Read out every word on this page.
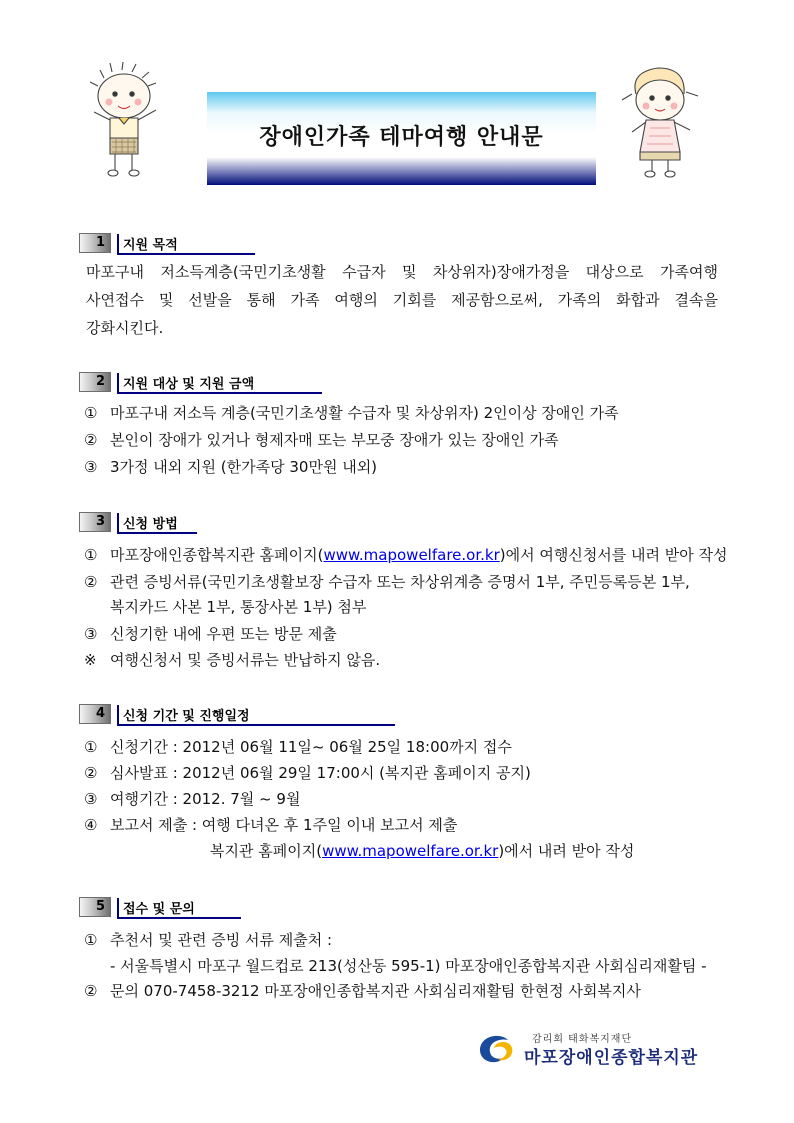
장애인가족 테마여행 안내문
1	지원 목적
마포구내 저소득계층(국민기초생활 수급자 및 차상위자)장애가정을 대상으로 가족여행
사연접수 및 선발을 통해 가족 여행의 기회를 제공함으로써, 가족의 화합과 결속을
강화시킨다.
2	지원 대상 및 지원 금액
① 마포구내 저소득 계층(국민기초생활 수급자 및 차상위자) 2인이상 장애인 가족
② 본인이 장애가 있거나 형제자매 또는 부모중 장애가 있는 장애인 가족
③ 3가정 내외 지원 (한가족당 30만원 내외)
3	신청 방법
① 마포장애인종합복지관 홈페이지(www.mapowelfare.or.kr)에서 여행신청서를 내려 받아 작성
② 관련 증빙서류(국민기초생활보장 수급자 또는 차상위계층 증명서 1부, 주민등록등본 1부,
복지카드 사본 1부, 통장사본 1부) 첨부
③ 신청기한 내에 우편 또는 방문 제출
※ 여행신청서 및 증빙서류는 반납하지 않음.
4	신청 기간 및 진행일정
① 신청기간 : 2012년 06월 11일~ 06월 25일 18:00까지 접수
② 심사발표 : 2012년 06월 29일 17:00시 (복지관 홈페이지 공지)
③ 여행기간 : 2012. 7월 ~ 9월
④ 보고서 제출 : 여행 다녀온 후 1주일 이내 보고서 제출
복지관 홈페이지(www.mapowelfare.or.kr)에서 내려 받아 작성
5	접수 및 문의
① 추천서 및 관련 증빙 서류 제출처 :
- 서울특별시 마포구 월드컵로 213(성산동 595-1) 마포장애인종합복지관 사회심리재활팀 -
② 문의 070-7458-3212 마포장애인종합복지관 사회심리재활팀 한현정 사회복지사
감리회 태화복지재단
마포장애인종합복지관
